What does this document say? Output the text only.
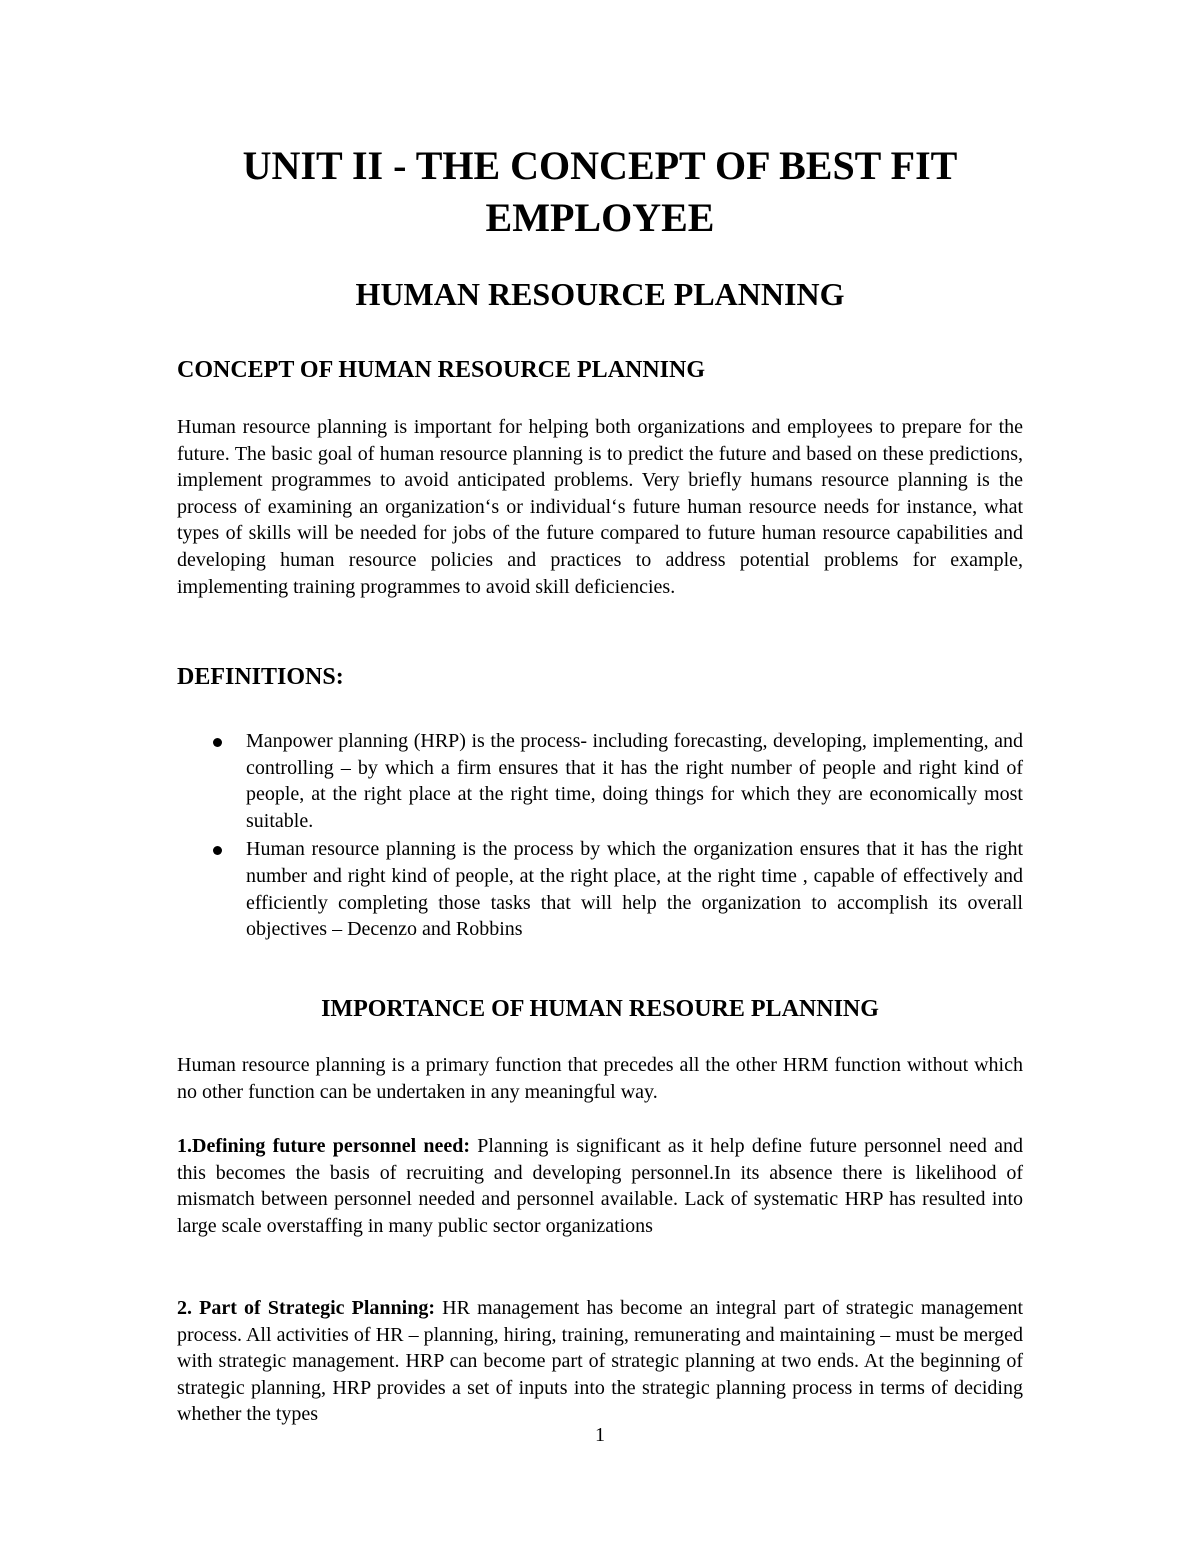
UNIT II - THE CONCEPT OF BEST FIT
EMPLOYEE
HUMAN RESOURCE PLANNING
CONCEPT OF HUMAN RESOURCE PLANNING

Human resource planning is important for helping both organizations and employees to prepare for the future. The basic goal of human resource planning is to predict the future and based on these predictions, implement programmes to avoid anticipated problems. Very briefly humans resource planning is the process of examining an organization‘s or individual‘s future human resource needs for instance, what types of skills will be needed for jobs of the future compared to future human resource capabilities and developing human resource policies and practices to address potential problems for example, implementing training programmes to avoid skill deficiencies.

DEFINITIONS:
Manpower planning (HRP) is the process- including forecasting, developing, implementing, and controlling – by which a firm ensures that it has the right number of people and right kind of people, at the right place at the right time, doing things for which they are economically most suitable.
Human resource planning is the process by which the organization ensures that it has the right number and right kind of people, at the right place, at the right time , capable of effectively and efficiently completing those tasks that will help the organization to accomplish its overall objectives – Decenzo and Robbins
IMPORTANCE OF HUMAN RESOURE PLANNING

Human resource planning is a primary function that precedes all the other HRM function without which no other function can be undertaken in any meaningful way.

1.Defining future personnel need: Planning is significant as it help define future personnel need and this becomes the basis of recruiting and developing personnel.In its absence there is likelihood of mismatch between personnel needed and personnel available. Lack of systematic HRP has resulted into large scale overstaffing in many public sector organizations

2. Part of Strategic Planning: HR management has become an integral part of strategic management process. All activities of HR – planning, hiring, training, remunerating and maintaining – must be merged with strategic management. HRP can become part of strategic planning at two ends. At the beginning of strategic planning, HRP provides a set of inputs into the strategic planning process in terms of deciding whether the types

1
